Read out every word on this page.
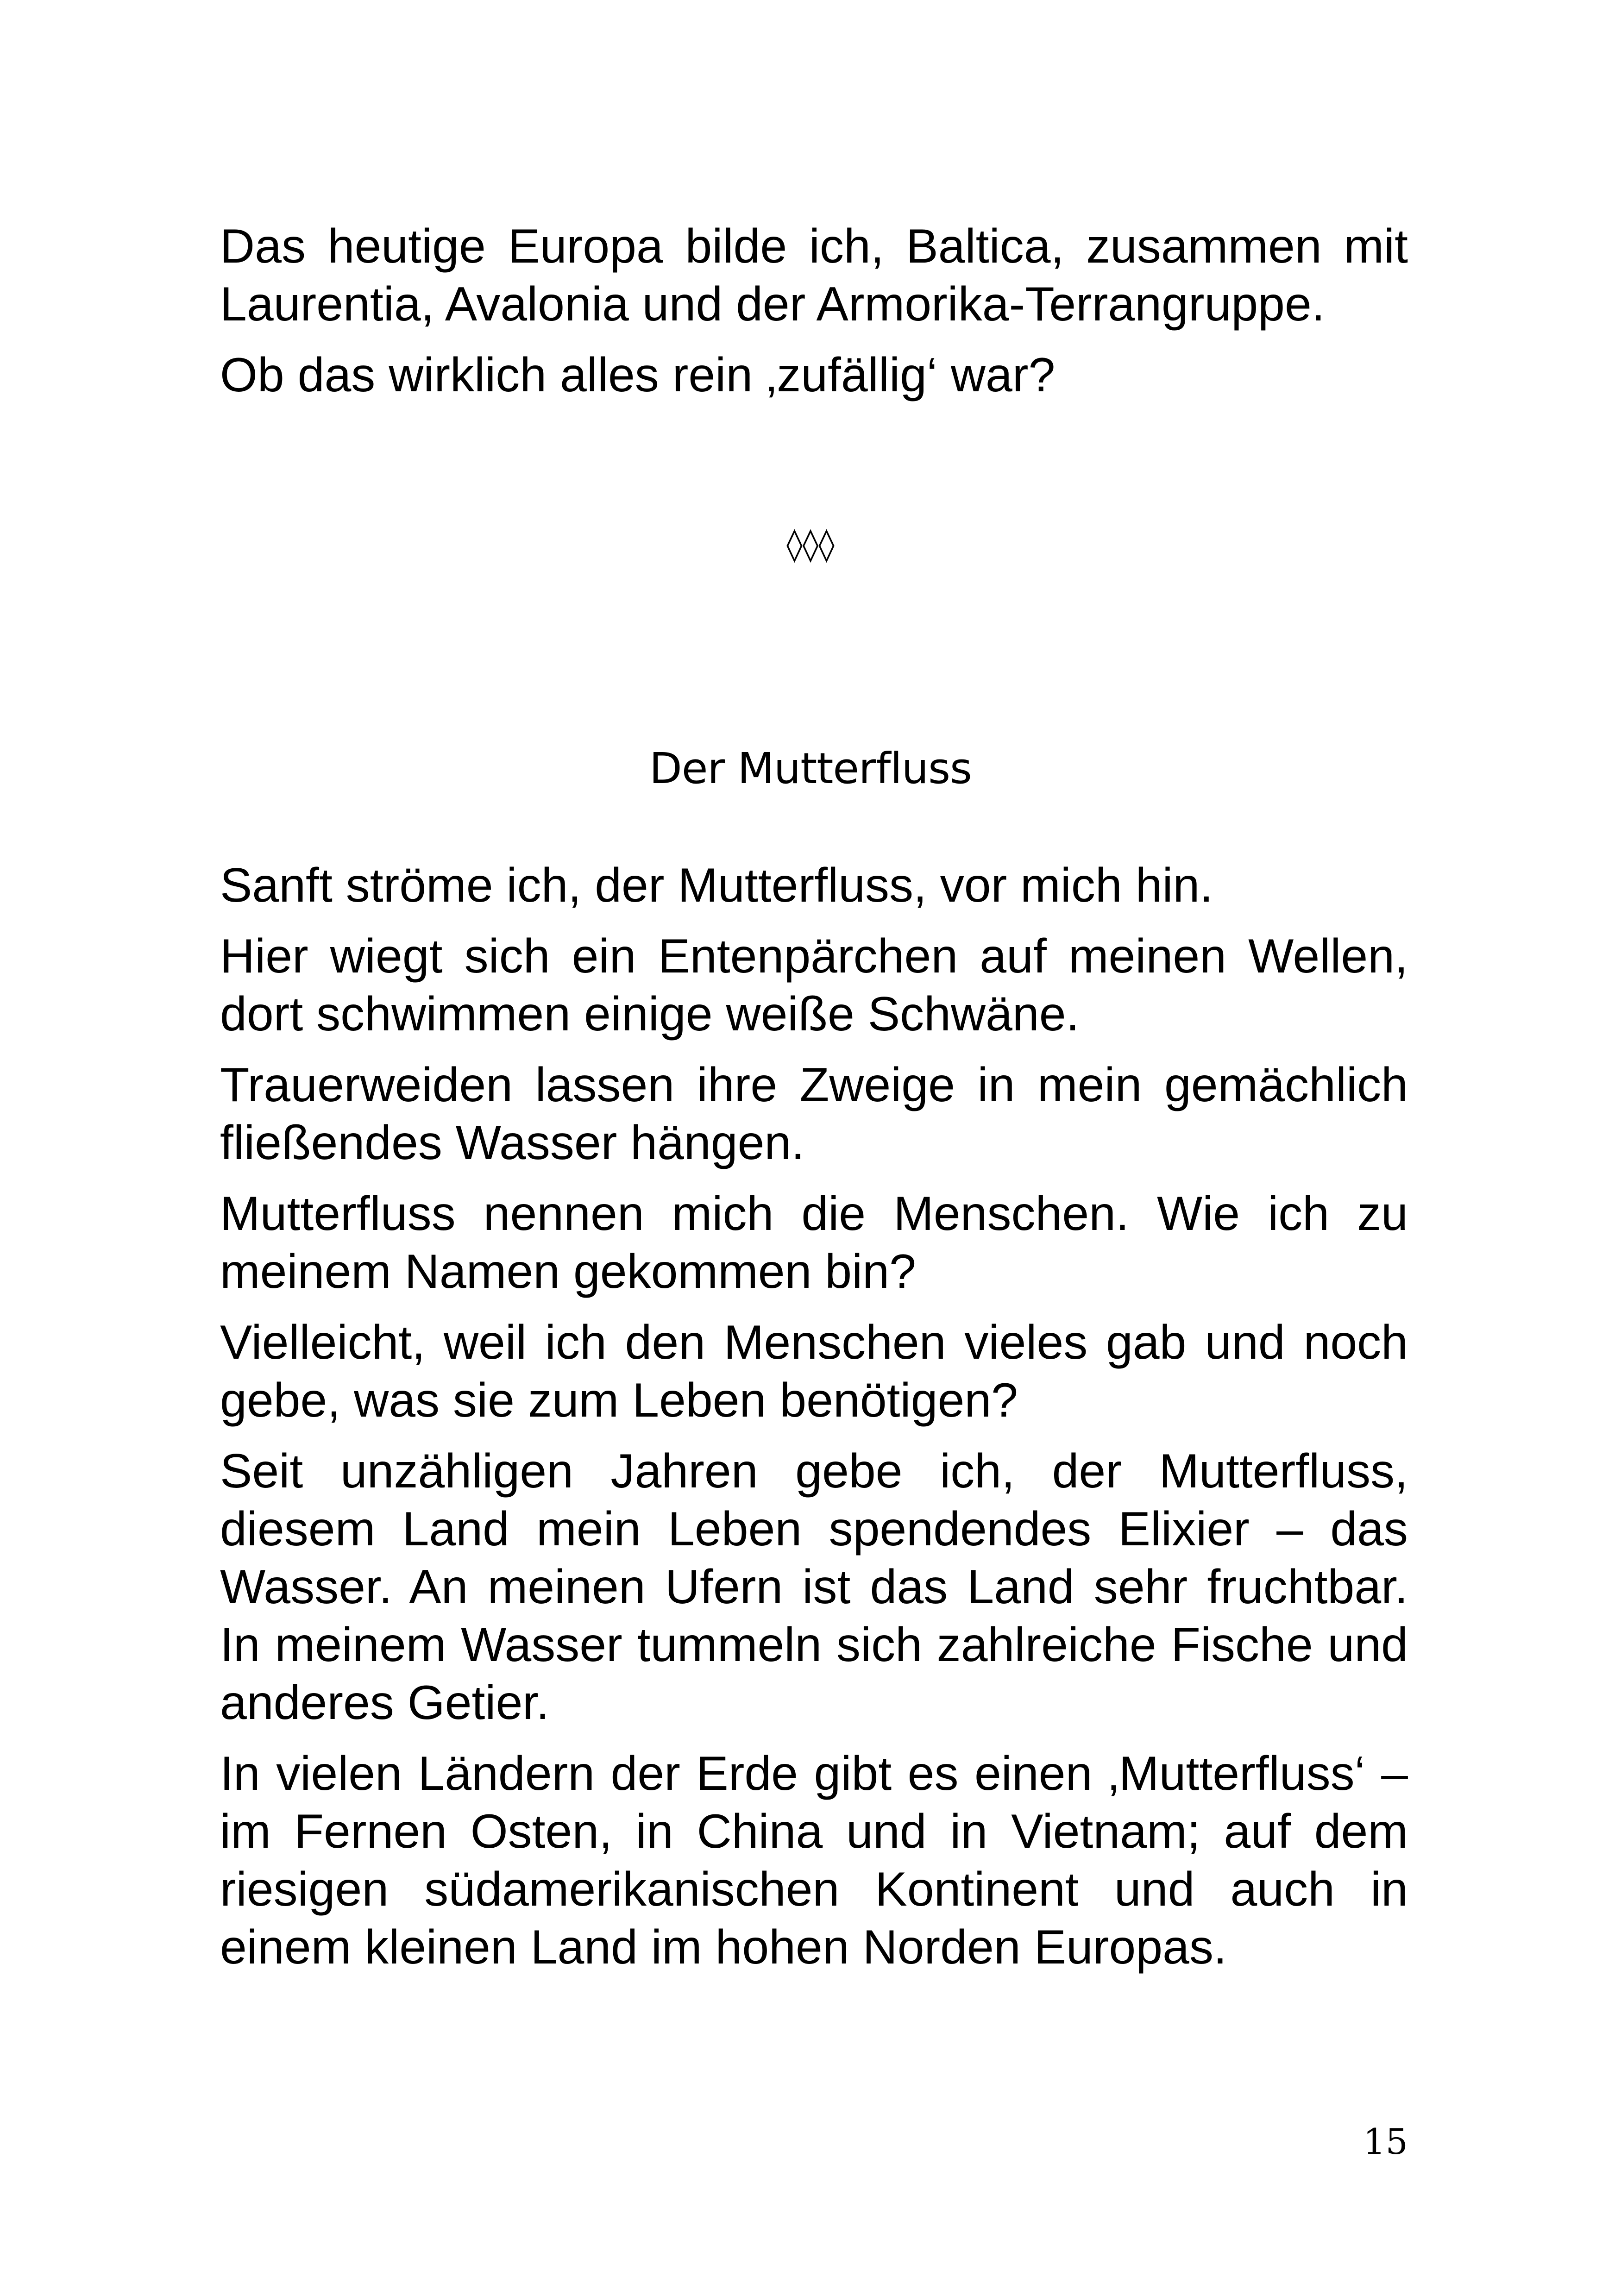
Das heutige Europa bilde ich, Baltica, zusammen mit Laurentia, Avalonia und der Armorika-Terrangruppe.

Ob das wirklich alles rein ‚zufällig‘ war?

◊◊◊
Der Mutterfluss

Sanft ströme ich, der Mutterfluss, vor mich hin.

Hier wiegt sich ein Entenpärchen auf meinen Wellen, dort schwimmen einige weiße Schwäne.

Trauerweiden lassen ihre Zweige in mein gemächlich fließendes Wasser hängen.

Mutterfluss nennen mich die Menschen. Wie ich zu meinem Namen gekommen bin?

Vielleicht, weil ich den Menschen vieles gab und noch gebe, was sie zum Leben benötigen?

Seit unzähligen Jahren gebe ich, der Mutterfluss, diesem Land mein Leben spendendes Elixier – das Wasser. An meinen Ufern ist das Land sehr fruchtbar. In meinem Wasser tummeln sich zahlreiche Fische und anderes Getier.

In vielen Ländern der Erde gibt es einen ‚Mutterfluss‘ – im Fernen Osten, in China und in Vietnam; auf dem riesigen südamerikanischen Kontinent und auch in einem kleinen Land im hohen Norden Europas.

15
